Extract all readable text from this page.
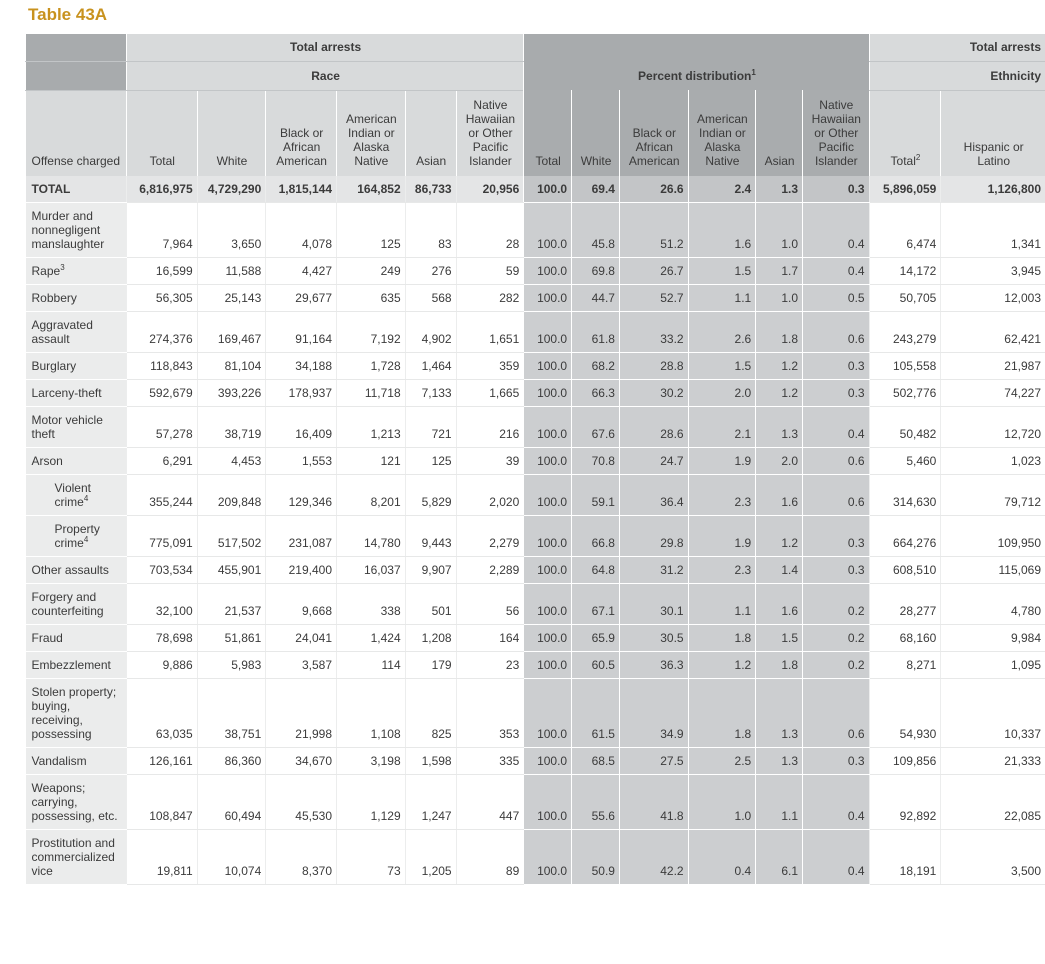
Table 43A
	Total arrests						Percent distribution$^1$						Total arrests	
	Race												Ethnicity	
Offense charged	Total	White	Black or African American	American Indian or Alaska Native	Asian	Native Hawaiian or Other Pacific Islander	Total	White	Black or African American	American Indian or Alaska Native	Asian	Native Hawaiian or Other Pacific Islander	Total$^2$	Hispanic or Latino
TOTAL	6,816,975	4,729,290	1,815,144	164,852	86,733	20,956	100.0	69.4	26.6	2.4	1.3	0.3	5,896,059	1,126,800
Murder and nonnegligent manslaughter	7,964	3,650	4,078	125	83	28	100.0	45.8	51.2	1.6	1.0	0.4	6,474	1,341
Rape$^3$	16,599	11,588	4,427	249	276	59	100.0	69.8	26.7	1.5	1.7	0.4	14,172	3,945
Robbery	56,305	25,143	29,677	635	568	282	100.0	44.7	52.7	1.1	1.0	0.5	50,705	12,003
Aggravated assault	274,376	169,467	91,164	7,192	4,902	1,651	100.0	61.8	33.2	2.6	1.8	0.6	243,279	62,421
Burglary	118,843	81,104	34,188	1,728	1,464	359	100.0	68.2	28.8	1.5	1.2	0.3	105,558	21,987
Larceny-theft	592,679	393,226	178,937	11,718	7,133	1,665	100.0	66.3	30.2	2.0	1.2	0.3	502,776	74,227
Motor vehicle theft	57,278	38,719	16,409	1,213	721	216	100.0	67.6	28.6	2.1	1.3	0.4	50,482	12,720
Arson	6,291	4,453	1,553	121	125	39	100.0	70.8	24.7	1.9	2.0	0.6	5,460	1,023
Violent crime$^4$	355,244	209,848	129,346	8,201	5,829	2,020	100.0	59.1	36.4	2.3	1.6	0.6	314,630	79,712
Property crime$^4$	775,091	517,502	231,087	14,780	9,443	2,279	100.0	66.8	29.8	1.9	1.2	0.3	664,276	109,950
Other assaults	703,534	455,901	219,400	16,037	9,907	2,289	100.0	64.8	31.2	2.3	1.4	0.3	608,510	115,069
Forgery and counterfeiting	32,100	21,537	9,668	338	501	56	100.0	67.1	30.1	1.1	1.6	0.2	28,277	4,780
Fraud	78,698	51,861	24,041	1,424	1,208	164	100.0	65.9	30.5	1.8	1.5	0.2	68,160	9,984
Embezzlement	9,886	5,983	3,587	114	179	23	100.0	60.5	36.3	1.2	1.8	0.2	8,271	1,095
Stolen property; buying, receiving, possessing	63,035	38,751	21,998	1,108	825	353	100.0	61.5	34.9	1.8	1.3	0.6	54,930	10,337
Vandalism	126,161	86,360	34,670	3,198	1,598	335	100.0	68.5	27.5	2.5	1.3	0.3	109,856	21,333
Weapons; carrying, possessing, etc.	108,847	60,494	45,530	1,129	1,247	447	100.0	55.6	41.8	1.0	1.1	0.4	92,892	22,085
Prostitution and commercialized vice	19,811	10,074	8,370	73	1,205	89	100.0	50.9	42.2	0.4	6.1	0.4	18,191	3,500
